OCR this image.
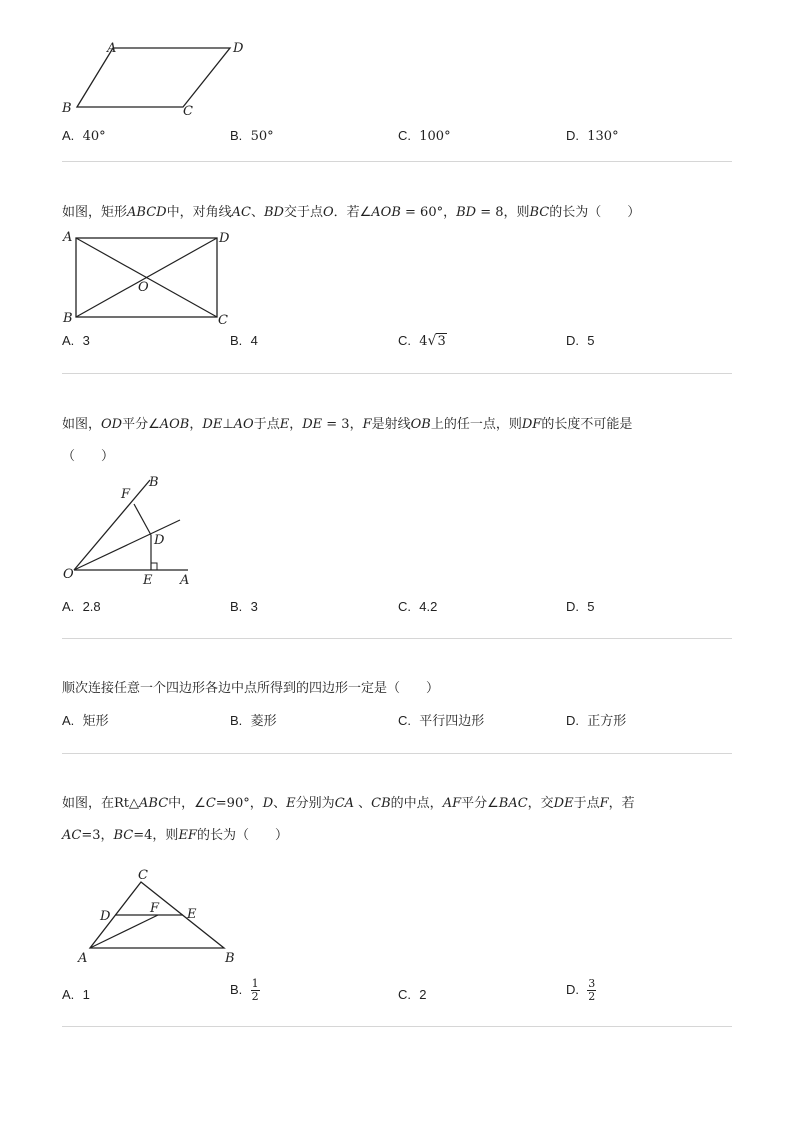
A	D
B	C
A. 40°	B. 50°	C. 100°	D. 130°
如图，矩形ABCD中，对角线AC、BD交于点O．若∠AOB = 60°，BD = 8，则BC的长为（　　）
A	D
B	C
O
A. 3	B. 4	C. 4√3	D. 5
如图，OD平分∠AOB，DE⊥AO于点E，DE = 3，F是射线OB上的任一点，则DF的长度不可能是
（　　）
O	A
B
F
D
E
A. 2.8	B. 3	C. 4.2	D. 5
顺次连接任意一个四边形各边中点所得到的四边形一定是（　　）
A. 矩形	B. 菱形	C. 平行四边形	D. 正方形
如图，在Rt△ABC中，∠C=90°，D、E分别为CA 、CB的中点，AF平分∠BAC，交DE于点F，若
AC=3，BC=4，则EF的长为（　　）
C
D
F E
A	B
A. 1	B. $\frac{1}{2}$	C. 2	D. $\frac{3}{2}$
